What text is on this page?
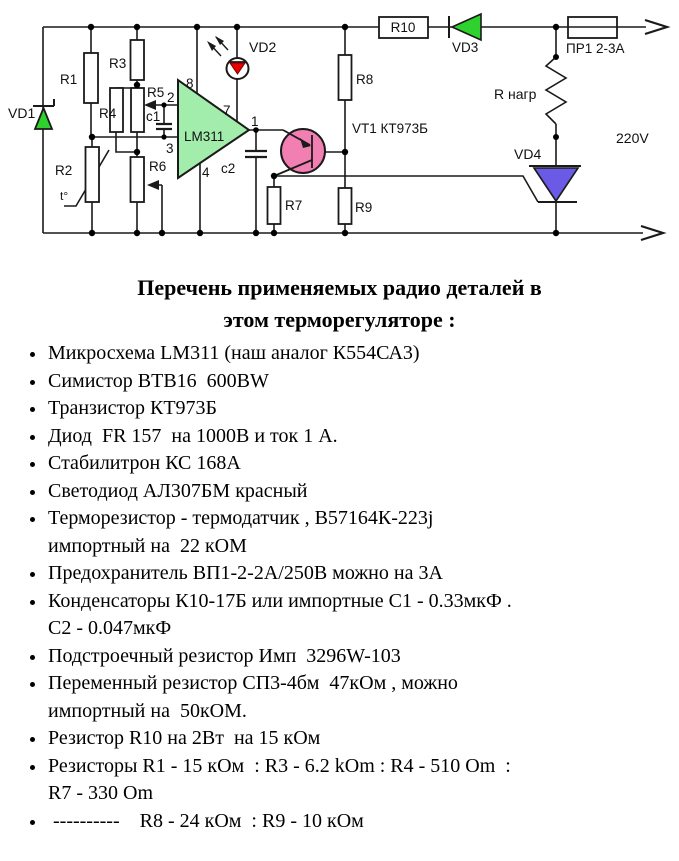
VD1
R1
R2
t°
R3
R4
R5
R6
c1
c2
2
3
8
7
4
1
LM311
VD2
VT1 КТ973Б
R7
R8
R9
R10
VD3	ПР1 2-3А
R нагр
VD4
220V
Перечень применяемых радио деталей в
этом терморегуляторе :
Микросхема LM311 (наш аналог К554СА3)
Симистор BTB16  600BW
Транзистор КТ973Б
Диод  FR 157  на 1000В и ток 1 А.
Стабилитрон КС 168А
Светодиод АЛ307БМ красный
Терморезистор - термодатчик , В57164К-223j
импортный на  22 кОМ
Предохранитель ВП1-2-2А/250В можно на 3А
Конденсаторы К10-17Б или импортные С1 - 0.33мкФ .
С2 - 0.047мкФ
Подстроечный резистор Имп  3296W-103
Переменный резистор СП3-4бм  47кОм , можно
импортный на  50кОМ.
Резистор R10 на 2Вт  на 15 кОм
Резисторы R1 - 15 кОм  : R3 - 6.2 kOm : R4 - 510 Om  :
R7 - 330 Om
----------    R8 - 24 кОм  : R9 - 10 кОм
